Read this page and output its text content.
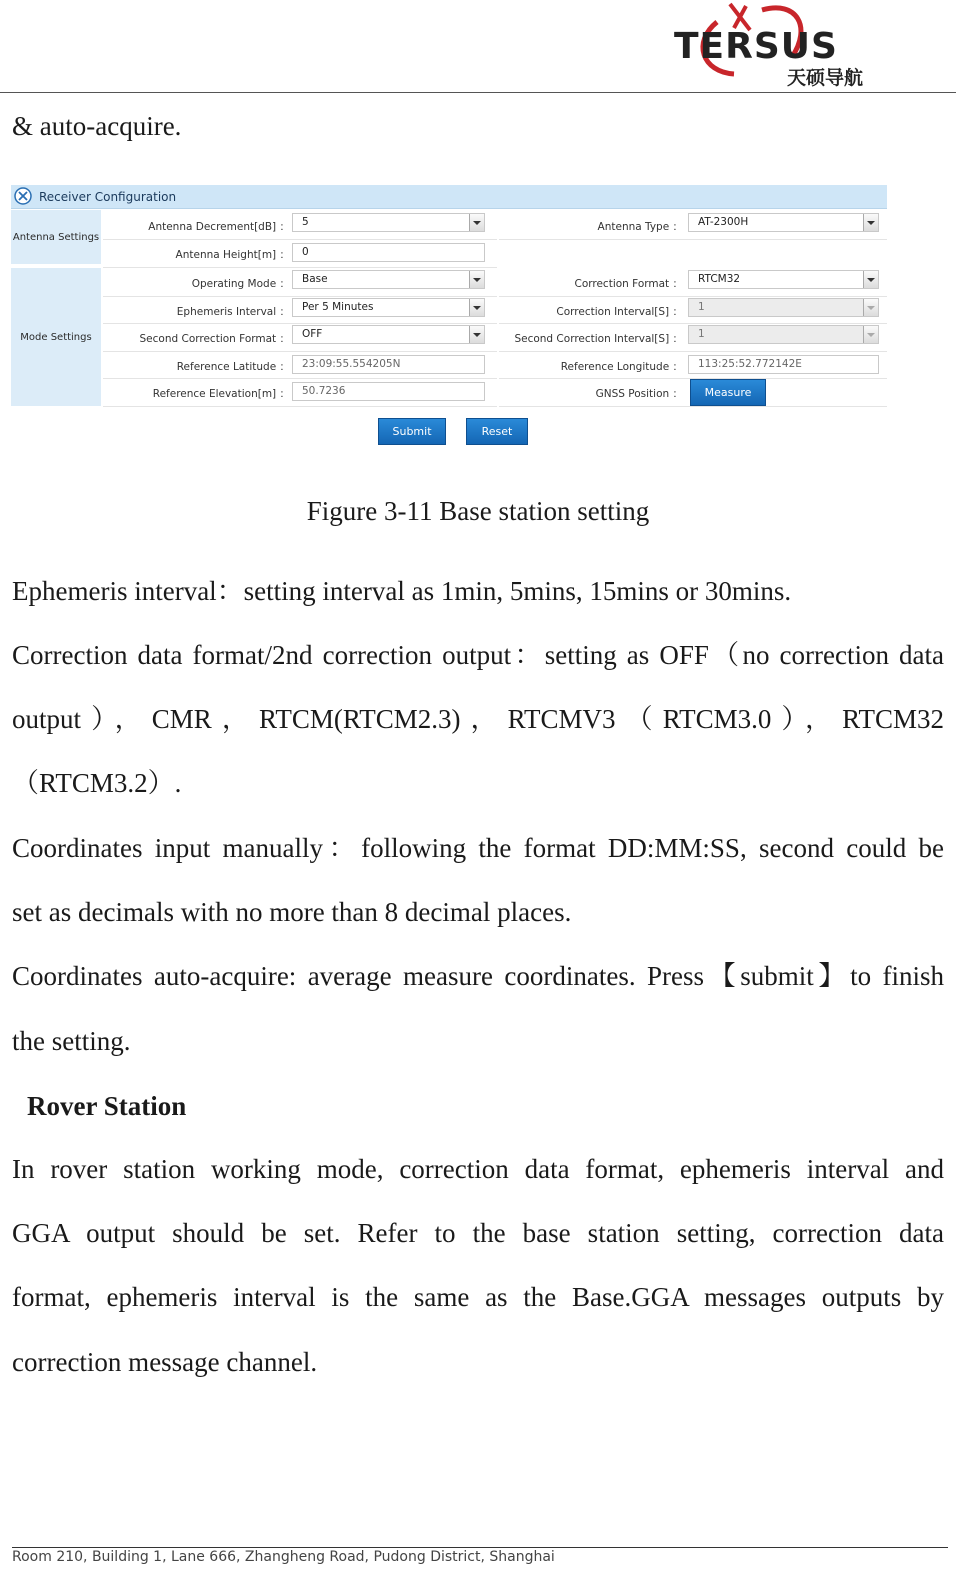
TERSUS
天硕导航

& auto-acquire.

Receiver Configuration
Antenna Settings
Mode Settings
Antenna Decrement[dB] ：	5
Antenna Height[m] ：	0
Operating Mode ：	Base
Ephemeris Interval ：	Per 5 Minutes
Second Correction Format ：	OFF
Reference Latitude ：	23:09:55.554205N
Reference Elevation[m] ：	50.7236
Antenna Type ：	AT-2300H
Correction Format ：	RTCM32
Correction Interval[S] ：	1
Second Correction Interval[S] ：	1
Reference Longitude ：	113:25:52.772142E
GNSS Position ：	Measure
Submit	Reset
Figure 3-11 Base station setting

Ephemeris interval：setting interval as 1min, 5mins, 15mins or 30mins.

Correction data format/2nd correction output：setting as OFF（no correction data

output），CMR，RTCM(RTCM2.3)，RTCMV3（RTCM3.0），RTCM32

（RTCM3.2）.

Coordinates input manually：following the format DD:MM:SS, second could be

set as decimals with no more than 8 decimal places.

Coordinates auto-acquire: average measure coordinates. Press【submit】to finish

the setting.

Rover Station

In rover station working mode, correction data format, ephemeris interval and

GGA output should be set. Refer to the base station setting, correction data

format, ephemeris interval is the same as the Base.GGA messages outputs by

correction message channel.

Room 210, Building 1, Lane 666, Zhangheng Road, Pudong District, Shanghai
